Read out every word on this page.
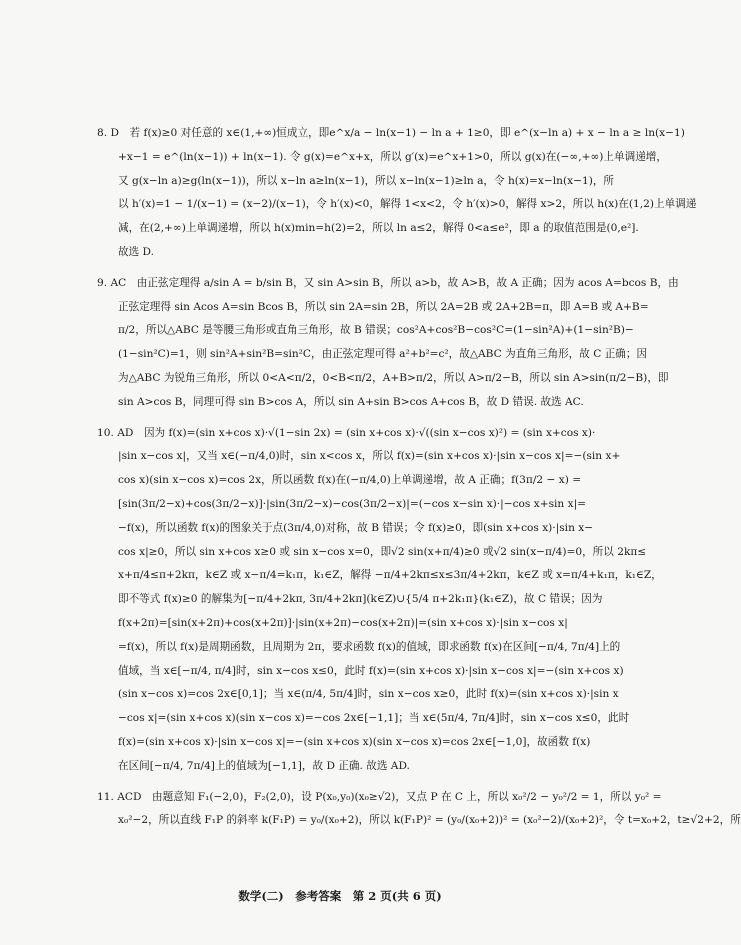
8. D　若 f(x)≥0 对任意的 x∈(1,+∞)恒成立，即e^x/a − ln(x−1) − ln a + 1≥0，即 e^(x−ln a) + x − ln a ≥ ln(x−1)
+x−1 = e^(ln(x−1)) + ln(x−1). 令 g(x)=e^x+x，所以 g′(x)=e^x+1>0，所以 g(x)在(−∞,+∞)上单调递增，
又 g(x−ln a)≥g(ln(x−1))，所以 x−ln a≥ln(x−1)，所以 x−ln(x−1)≥ln a，令 h(x)=x−ln(x−1)，所
以 h′(x)=1 − 1/(x−1) = (x−2)/(x−1)，令 h′(x)<0，解得 1<x<2，令 h′(x)>0，解得 x>2，所以 h(x)在(1,2)上单调递
减，在(2,+∞)上单调递增，所以 h(x)min=h(2)=2，所以 ln a≤2，解得 0<a≤e²，即 a 的取值范围是(0,e²].
故选 D.
9. AC　由正弦定理得 a/sin A = b/sin B，又 sin A>sin B，所以 a>b，故 A>B，故 A 正确；因为 acos A=bcos B，由
正弦定理得 sin Acos A=sin Bcos B，所以 sin 2A=sin 2B，所以 2A=2B 或 2A+2B=π，即 A=B 或 A+B=
π/2，所以△ABC 是等腰三角形或直角三角形，故 B 错误；cos²A+cos²B−cos²C=(1−sin²A)+(1−sin²B)−
(1−sin²C)=1，则 sin²A+sin²B=sin²C，由正弦定理可得 a²+b²=c²，故△ABC 为直角三角形，故 C 正确；因
为△ABC 为锐角三角形，所以 0<A<π/2，0<B<π/2，A+B>π/2，所以 A>π/2−B，所以 sin A>sin(π/2−B)，即
sin A>cos B，同理可得 sin B>cos A，所以 sin A+sin B>cos A+cos B，故 D 错误. 故选 AC.
10. AD　因为 f(x)=(sin x+cos x)·√(1−sin 2x) = (sin x+cos x)·√((sin x−cos x)²) = (sin x+cos x)·
|sin x−cos x|，又当 x∈(−π/4,0)时，sin x<cos x，所以 f(x)=(sin x+cos x)·|sin x−cos x|=−(sin x+
cos x)(sin x−cos x)=cos 2x，所以函数 f(x)在(−π/4,0)上单调递增，故 A 正确；f(3π/2 − x) =
[sin(3π/2−x)+cos(3π/2−x)]·|sin(3π/2−x)−cos(3π/2−x)|=(−cos x−sin x)·|−cos x+sin x|=
−f(x)，所以函数 f(x)的图象关于点(3π/4,0)对称，故 B 错误；令 f(x)≥0，即(sin x+cos x)·|sin x−
cos x|≥0，所以 sin x+cos x≥0 或 sin x−cos x=0，即√2 sin(x+π/4)≥0 或√2 sin(x−π/4)=0，所以 2kπ≤
x+π/4≤π+2kπ，k∈Z 或 x−π/4=k₁π，k₁∈Z，解得 −π/4+2kπ≤x≤3π/4+2kπ，k∈Z 或 x=π/4+k₁π，k₁∈Z，
即不等式 f(x)≥0 的解集为[−π/4+2kπ, 3π/4+2kπ](k∈Z)∪{5/4 π+2k₁π}(k₁∈Z)，故 C 错误；因为
f(x+2π)=[sin(x+2π)+cos(x+2π)]·|sin(x+2π)−cos(x+2π)|=(sin x+cos x)·|sin x−cos x|
=f(x)，所以 f(x)是周期函数，且周期为 2π，要求函数 f(x)的值域，即求函数 f(x)在区间[−π/4, 7π/4]上的
值域，当 x∈[−π/4, π/4]时，sin x−cos x≤0，此时 f(x)=(sin x+cos x)·|sin x−cos x|=−(sin x+cos x)
(sin x−cos x)=cos 2x∈[0,1]；当 x∈(π/4, 5π/4]时，sin x−cos x≥0，此时 f(x)=(sin x+cos x)·|sin x
−cos x|=(sin x+cos x)(sin x−cos x)=−cos 2x∈[−1,1]；当 x∈(5π/4, 7π/4]时，sin x−cos x≤0，此时
f(x)=(sin x+cos x)·|sin x−cos x|=−(sin x+cos x)(sin x−cos x)=cos 2x∈[−1,0]，故函数 f(x)
在区间[−π/4, 7π/4]上的值域为[−1,1]，故 D 正确. 故选 AD.
11. ACD　由题意知 F₁(−2,0)，F₂(2,0)，设 P(x₀,y₀)(x₀≥√2)，又点 P 在 C 上，所以 x₀²/2 − y₀²/2 = 1，所以 y₀² =
x₀²−2，所以直线 F₁P 的斜率 k(F₁P) = y₀/(x₀+2)，所以 k(F₁P)² = (y₀/(x₀+2))² = (x₀²−2)/(x₀+2)²，令 t=x₀+2，t≥√2+2，所
数学(二)　参考答案　第 2 页(共 6 页)
